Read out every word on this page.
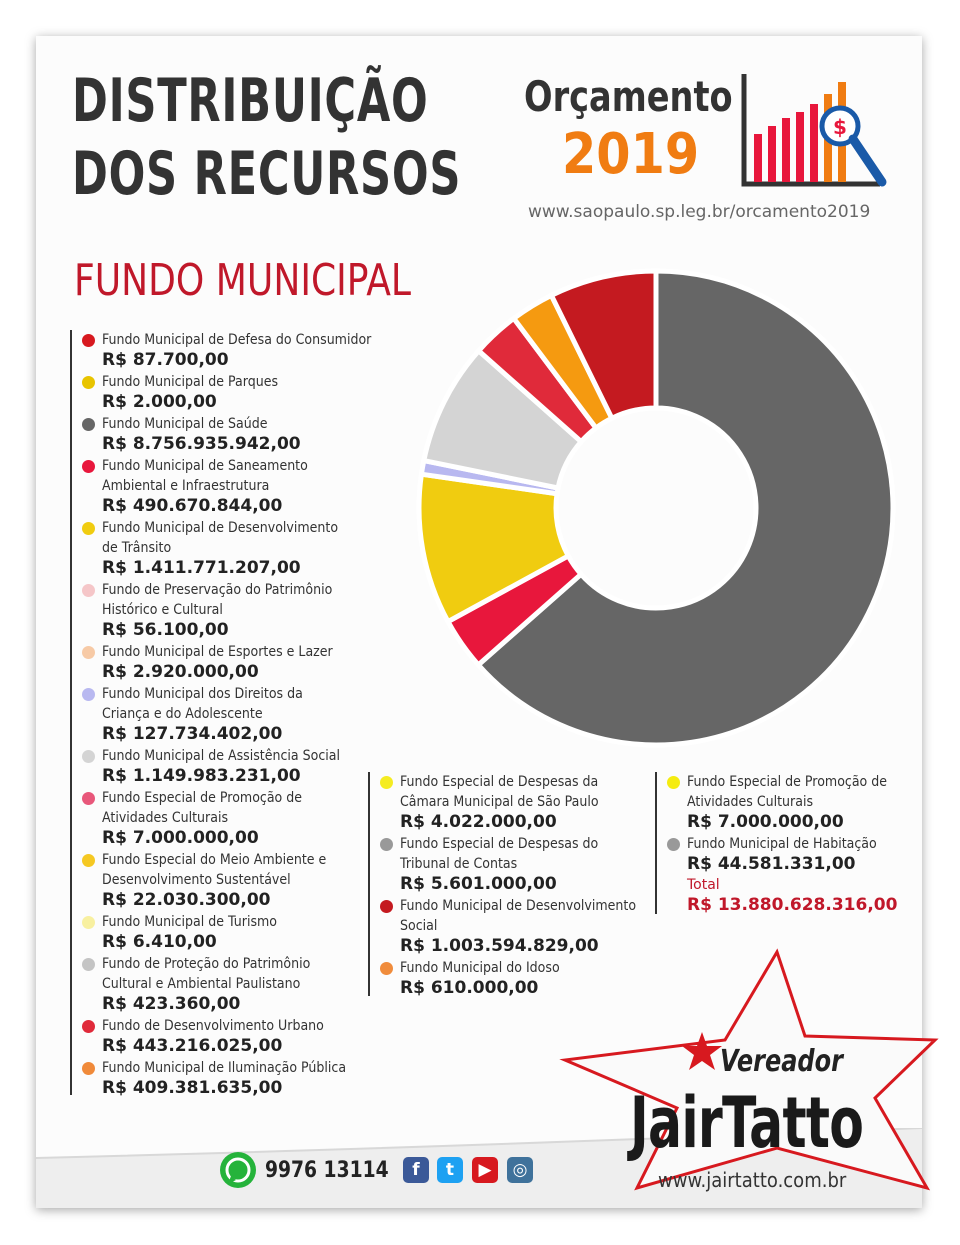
DISTRIBUIÇÃO
DOS RECURSOS
FUNDO MUNICIPAL
Orçamento
2019	$
www.saopaulo.sp.leg.br/orcamento2019
Fundo Municipal de Defesa do Consumidor
R$ 87.700,00
Fundo Municipal de Parques
R$ 2.000,00
Fundo Municipal de Saúde
R$ 8.756.935.942,00
Fundo Municipal de Saneamento
Ambiental e Infraestrutura
R$ 490.670.844,00
Fundo Municipal de Desenvolvimento
de Trânsito
R$ 1.411.771.207,00
Fundo de Preservação do Patrimônio
Histórico e Cultural
R$ 56.100,00
Fundo Municipal de Esportes e Lazer
R$ 2.920.000,00
Fundo Municipal dos Direitos da
Criança e do Adolescente
R$ 127.734.402,00
Fundo Municipal de Assistência Social
R$ 1.149.983.231,00
Fundo Especial de Promoção de
Atividades Culturais
R$ 7.000.000,00
Fundo Especial do Meio Ambiente e
Desenvolvimento Sustentável
R$ 22.030.300,00
Fundo Municipal de Turismo
R$ 6.410,00
Fundo de Proteção do Patrimônio
Cultural e Ambiental Paulistano
R$ 423.360,00
Fundo de Desenvolvimento Urbano
R$ 443.216.025,00
Fundo Municipal de Iluminação Pública
R$ 409.381.635,00
Fundo Especial de Despesas da
Câmara Municipal de São Paulo
R$ 4.022.000,00
Fundo Especial de Despesas do
Tribunal de Contas
R$ 5.601.000,00
Fundo Municipal de Desenvolvimento
Social
R$ 1.003.594.829,00
Fundo Municipal do Idoso
R$ 610.000,00
Fundo Especial de Promoção de
Atividades Culturais
R$ 7.000.000,00
Fundo Municipal de Habitação
R$ 44.581.331,00
Total
R$ 13.880.628.316,00
Vereador
JairTatto
www.jairtatto.com.br
9976 13114	f	t	▶	◎
